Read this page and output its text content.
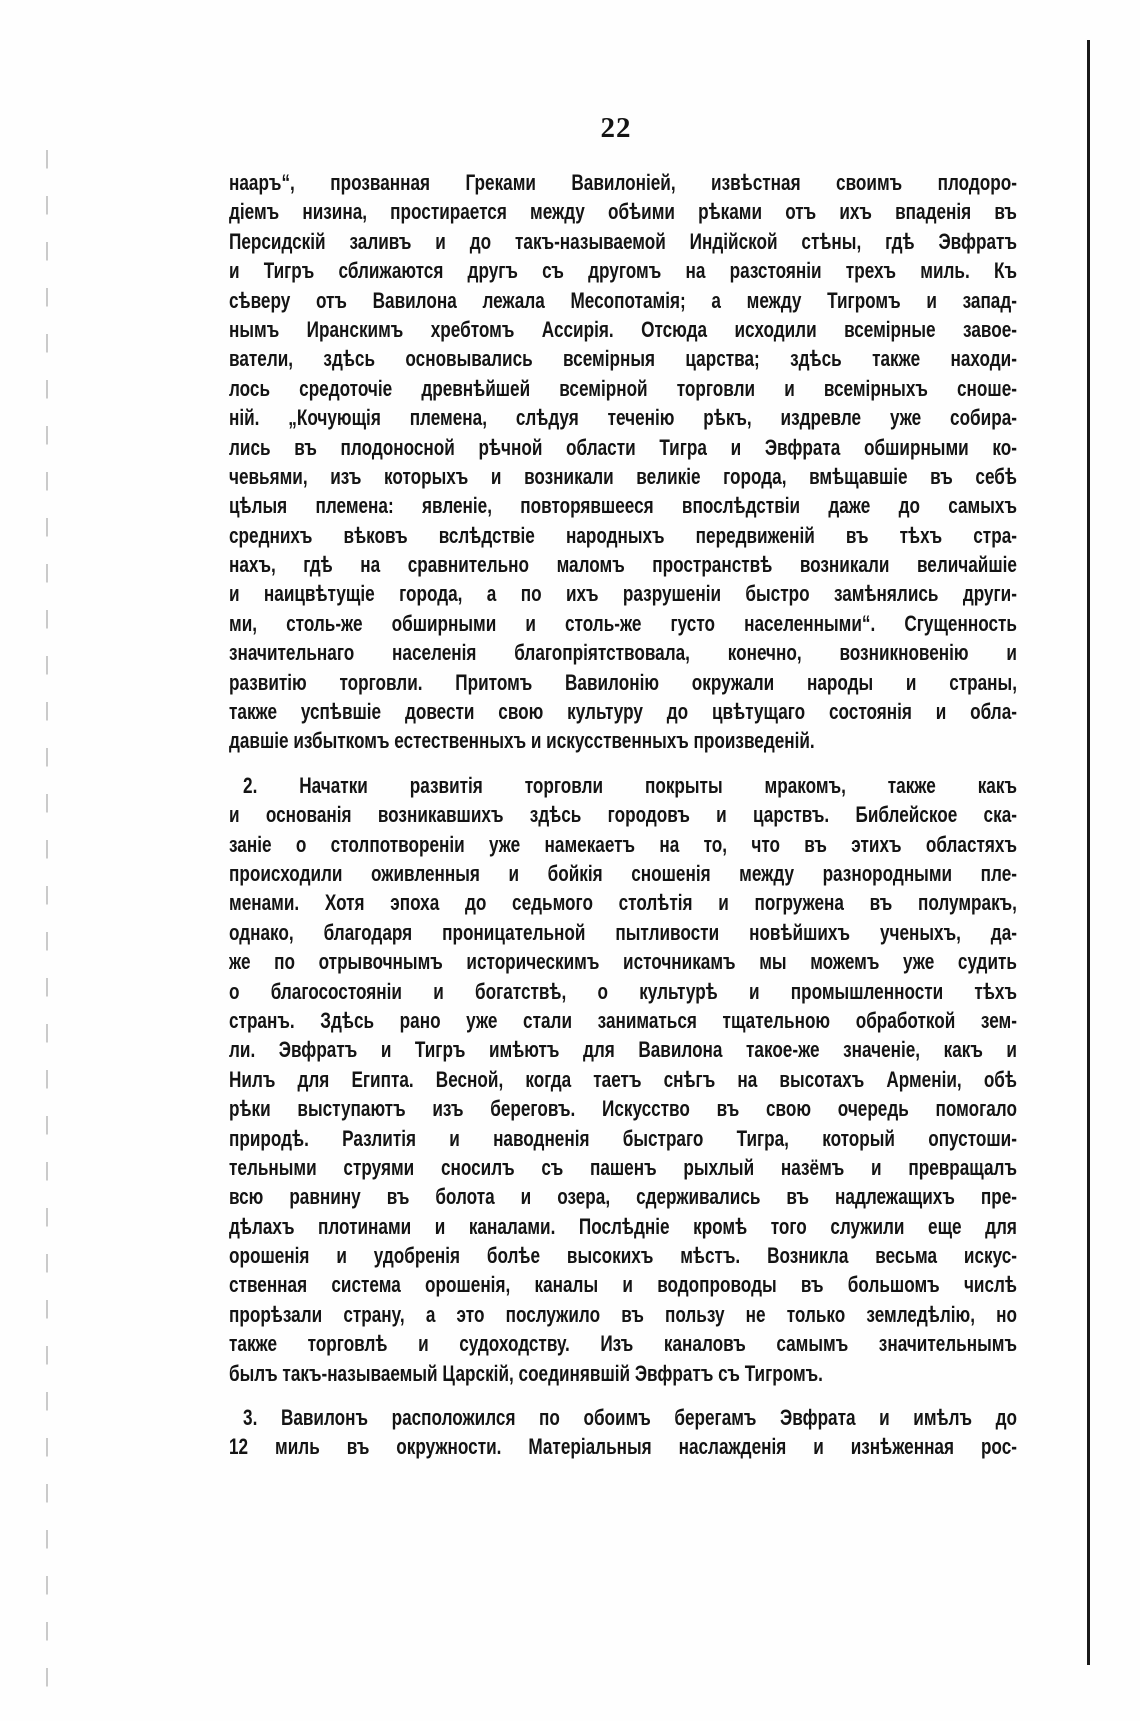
22
нааръ“, прозванная Греками Вавилоніей, извѣстная своимъ плодоро-
діемъ низина, простирается между обѣими рѣками отъ ихъ впаденія въ
Персидскій заливъ и до такъ-называемой Индійской стѣны, гдѣ Эвфратъ
и Тигръ сближаются другъ съ другомъ на разстояніи трехъ миль. Къ
сѣверу отъ Вавилона лежала Месопотамія; а между Тигромъ и запад-
нымъ Иранскимъ хребтомъ Ассирія. Отсюда исходили всемірные завое-
ватели, здѣсь основывались всемірныя царства; здѣсь также находи-
лось средоточіе древнѣйшей всемірной торговли и всемірныхъ сноше-
ній. „Кочующія племена, слѣдуя теченію рѣкъ, издревле уже собира-
лись въ плодоносной рѣчной области Тигра и Эвфрата обширными ко-
чевьями, изъ которыхъ и возникали великіе города, вмѣщавшіе въ себѣ
цѣлыя племена: явленіе, повторявшееся впослѣдствіи даже до самыхъ
среднихъ вѣковъ вслѣдствіе народныхъ передвиженій въ тѣхъ стра-
нахъ, гдѣ на сравнительно маломъ пространствѣ возникали величайшіе
и наицвѣтущіе города, а по ихъ разрушеніи быстро замѣнялись други-
ми, столь-же обширными и столь-же густо населенными“. Сгущенность
значительнаго населенія благопріятствовала, конечно, возникновенію и
развитію торговли. Притомъ Вавилонію окружали народы и страны,
также успѣвшіе довести свою культуру до цвѣтущаго состоянія и обла-
давшіе избыткомъ естественныхъ и искусственныхъ произведеній.
2. Начатки развитія торговли покрыты мракомъ, также какъ
и основанія возникавшихъ здѣсь городовъ и царствъ. Библейское ска-
заніе о столпотвореніи уже намекаетъ на то, что въ этихъ областяхъ
происходили оживленныя и бойкія сношенія между разнородными пле-
менами. Хотя эпоха до седьмого столѣтія и погружена въ полумракъ,
однако, благодаря проницательной пытливости новѣйшихъ ученыхъ, да-
же по отрывочнымъ историческимъ источникамъ мы можемъ уже судить
о благосостояніи и богатствѣ, о культурѣ и промышленности тѣхъ
странъ. Здѣсь рано уже стали заниматься тщательною обработкой зем-
ли. Эвфратъ и Тигръ имѣютъ для Вавилона такое-же значеніе, какъ и
Нилъ для Египта. Весной, когда таетъ снѣгъ на высотахъ Арменіи, обѣ
рѣки выступаютъ изъ береговъ. Искусство въ свою очередь помогало
природѣ. Разлитія и наводненія быстраго Тигра, который опустоши-
тельными струями сносилъ съ пашенъ рыхлый назёмъ и превращалъ
всю равнину въ болота и озера, сдерживались въ надлежащихъ пре-
дѣлахъ плотинами и каналами. Послѣдніе кромѣ того служили еще для
орошенія и удобренія болѣе высокихъ мѣстъ. Возникла весьма искус-
ственная система орошенія, каналы и водопроводы въ большомъ числѣ
прорѣзали страну, а это послужило въ пользу не только земледѣлію, но
также торговлѣ и судоходству. Изъ каналовъ самымъ значительнымъ
былъ такъ-называемый Царскій, соединявшій Эвфратъ съ Тигромъ.
3. Вавилонъ расположился по обоимъ берегамъ Эвфрата и имѣлъ до
12 миль въ окружности. Матеріальныя наслажденія и изнѣженная рос-
